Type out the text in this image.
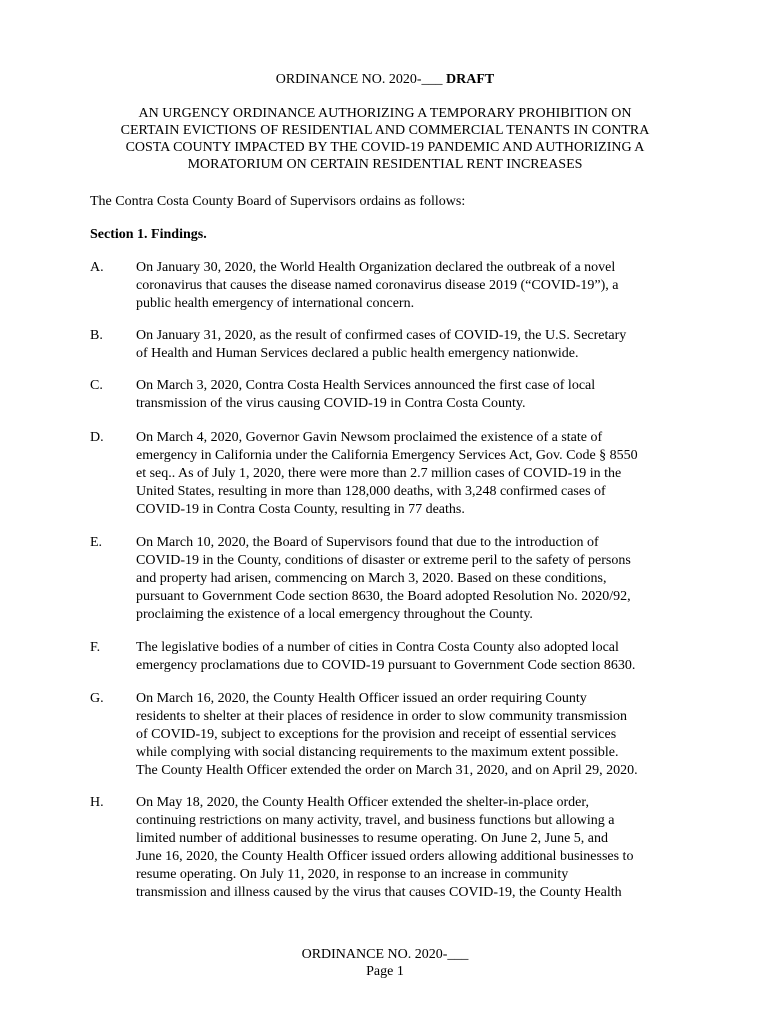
ORDINANCE NO. 2020-___ DRAFT
AN URGENCY ORDINANCE AUTHORIZING A TEMPORARY PROHIBITION ON
CERTAIN EVICTIONS OF RESIDENTIAL AND COMMERCIAL TENANTS IN CONTRA
COSTA COUNTY IMPACTED BY THE COVID-19 PANDEMIC AND AUTHORIZING A
MORATORIUM ON CERTAIN RESIDENTIAL RENT INCREASES
The Contra Costa County Board of Supervisors ordains as follows:
Section 1. Findings.
A. On January 30, 2020, the World Health Organization declared the outbreak of a novel
coronavirus that causes the disease named coronavirus disease 2019 (“COVID-19”), a
public health emergency of international concern.
B. On January 31, 2020, as the result of confirmed cases of COVID-19, the U.S. Secretary
of Health and Human Services declared a public health emergency nationwide.
C. On March 3, 2020, Contra Costa Health Services announced the first case of local
transmission of the virus causing COVID-19 in Contra Costa County.
D. On March 4, 2020, Governor Gavin Newsom proclaimed the existence of a state of
emergency in California under the California Emergency Services Act, Gov. Code § 8550
et seq.. As of July 1, 2020, there were more than 2.7 million cases of COVID-19 in the
United States, resulting in more than 128,000 deaths, with 3,248 confirmed cases of
COVID-19 in Contra Costa County, resulting in 77 deaths.
E. On March 10, 2020, the Board of Supervisors found that due to the introduction of
COVID-19 in the County, conditions of disaster or extreme peril to the safety of persons
and property had arisen, commencing on March 3, 2020. Based on these conditions,
pursuant to Government Code section 8630, the Board adopted Resolution No. 2020/92,
proclaiming the existence of a local emergency throughout the County.
F.	The legislative bodies of a number of cities in Contra Costa County also adopted local
emergency proclamations due to COVID-19 pursuant to Government Code section 8630.
G. On March 16, 2020, the County Health Officer issued an order requiring County
residents to shelter at their places of residence in order to slow community transmission
of COVID-19, subject to exceptions for the provision and receipt of essential services
while complying with social distancing requirements to the maximum extent possible.
The County Health Officer extended the order on March 31, 2020, and on April 29, 2020.
H. On May 18, 2020, the County Health Officer extended the shelter-in-place order,
continuing restrictions on many activity, travel, and business functions but allowing a
limited number of additional businesses to resume operating. On June 2, June 5, and
June 16, 2020, the County Health Officer issued orders allowing additional businesses to
resume operating. On July 11, 2020, in response to an increase in community
transmission and illness caused by the virus that causes COVID-19, the County Health
ORDINANCE NO. 2020-___
Page 1
